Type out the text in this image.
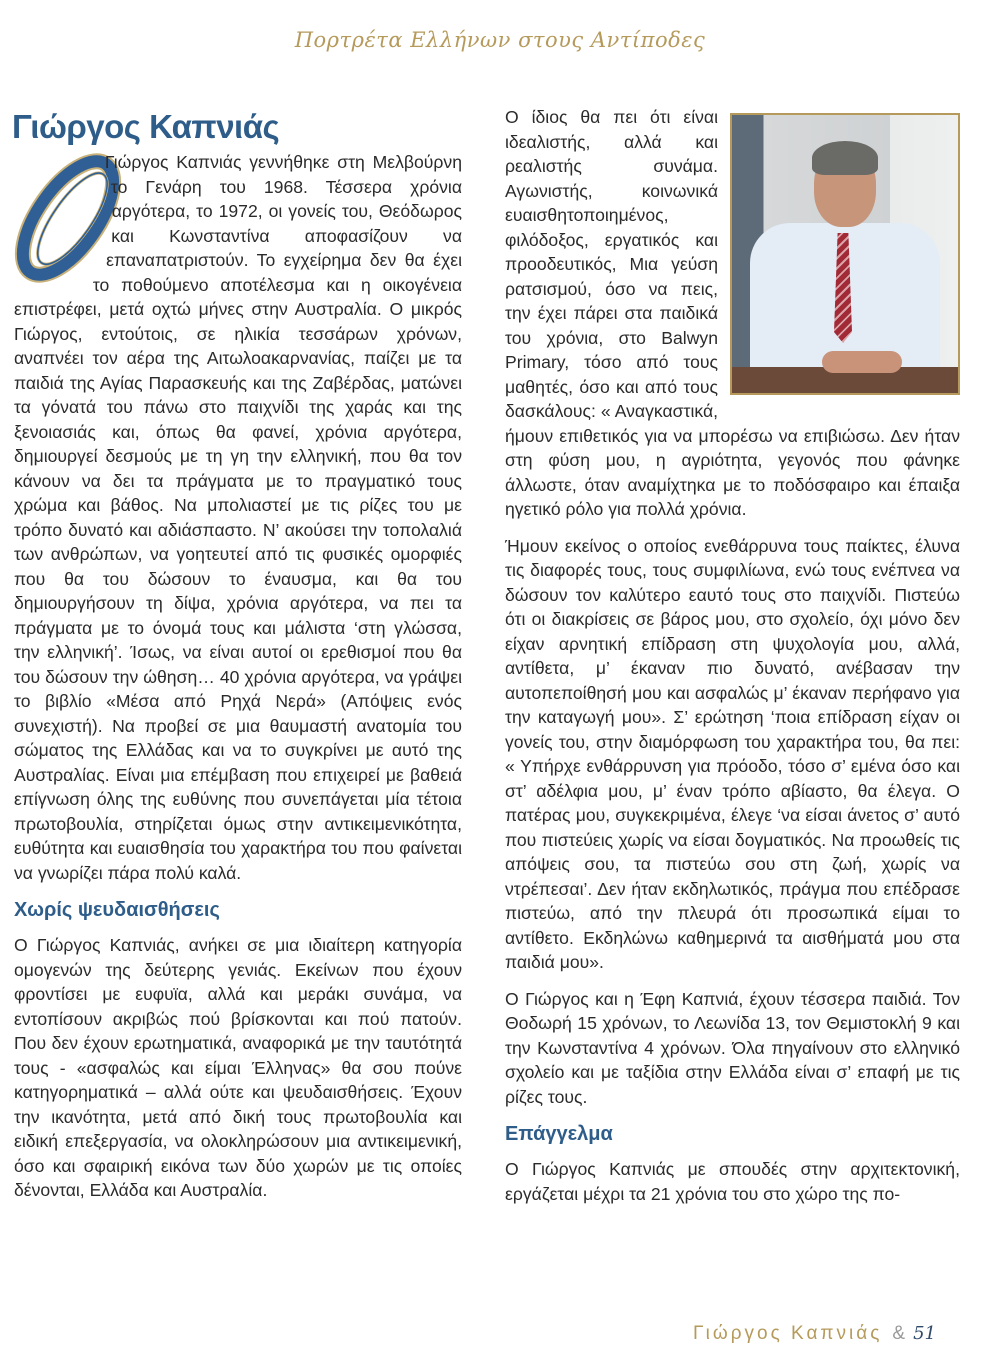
Πορτρέτα Ελλήνων στους Αντίποδες
Γιώργος Καπνιάς

Γιώργος Καπνιάς γεννήθηκε στη Μελβούρνη το Γενάρη του 1968. Τέσσερα χρόνια αργότερα, το 1972, οι γονείς του, Θεόδωρος και Κωνσταντίνα αποφασίζουν να επαναπατριστούν. Το εγχείρημα δεν θα έχει το ποθούμενο αποτέλεσμα και η οικογένεια επιστρέφει, μετά οχτώ μήνες στην Αυστραλία. Ο μικρός Γιώργος, εντούτοις, σε ηλικία τεσσάρων χρόνων, αναπνέει τον αέρα της Αιτωλοακαρνανίας, παίζει με τα παιδιά της Αγίας Παρασκευής και της Ζαβέρδας, ματώνει τα γόνατά του πάνω στο παιχνίδι της χαράς και της ξενοιασιάς και, όπως θα φανεί, χρόνια αργότερα, δημιουργεί δεσμούς με τη γη την ελληνική, που θα τον κάνουν να δει τα πράγματα με το πραγματικό τους χρώμα και βάθος. Να μπολιαστεί με τις ρίζες του με τρόπο δυνατό και αδιάσπαστο. Ν’ ακούσει την τοπολαλιά των ανθρώπων, να γοητευτεί από τις φυσικές ομορφιές που θα του δώσουν το έναυσμα, και θα του δημιουργήσουν τη δίψα, χρόνια αργότερα, να πει τα πράγματα με το όνομά τους και μάλιστα ‘στη γλώσσα, την ελληνική’. Ίσως, να είναι αυτοί οι ερεθισμοί που θα του δώσουν την ώθηση… 40 χρόνια αργότερα, να γράψει το βιβλίο «Μέσα από Ρηχά Νερά» (Απόψεις ενός συνεχιστή). Να προβεί σε μια θαυμαστή ανατομία του σώματος της Ελλάδας και να το συγκρίνει με αυτό της Αυστραλίας. Είναι μια επέμβαση που επιχειρεί με βαθειά επίγνωση όλης της ευθύνης που συνεπάγεται μία τέτοια πρωτοβουλία, στηρίζεται όμως στην αντικειμενικότητα, ευθύτητα και ευαισθησία του χαρακτήρα του που φαίνεται να γνωρίζει πάρα πολύ καλά.

Χωρίς ψευδαισθήσεις

Ο Γιώργος Καπνιάς, ανήκει σε μια ιδιαίτερη κατηγορία ομογενών της δεύτερης γενιάς. Εκείνων που έχουν φροντίσει με ευφυϊα, αλλά και μεράκι συνάμα, να εντοπίσουν ακριβώς πού βρίσκονται και πού πατούν. Που δεν έχουν ερωτηματικά, αναφορικά με την ταυτότητά τους - «ασφαλώς και είμαι Έλληνας» θα σου πούνε κατηγορηματικά – αλλά ούτε και ψευδαισθήσεις. Έχουν την ικανότητα, μετά από δική τους πρωτοβουλία και ειδική επεξεργασία, να ολοκληρώσουν μια αντικειμενική, όσο και σφαιρική εικόνα των δύο χωρών με τις οποίες δένονται, Ελλάδα και Αυστραλία.

Ο ίδιος θα πει ότι είναι ιδεαλιστής, αλλά και ρεαλιστής συνάμα. Αγωνιστής, κοινωνικά ευαισθητοποιημένος, φιλόδοξος, εργατικός και προοδευτικός, Μια γεύση ρατσισμού, όσο να πεις, την έχει πάρει στα παιδικά του χρόνια, στο Balwyn Primary, τόσο από τους μαθητές, όσο και από τους δασκάλους: « Αναγκαστικά, ήμουν επιθετικός για να μπορέσω να επιβιώσω. Δεν ήταν στη φύση μου, η αγριότητα, γεγονός που φάνηκε άλλωστε, όταν αναμίχτηκα με το ποδόσφαιρο και έπαιξα ηγετικό ρόλο για πολλά χρόνια.

Ήμουν εκείνος ο οποίος ενεθάρρυνα τους παίκτες, έλυνα τις διαφορές τους, τους συμφιλίωνα, ενώ τους ενέπνεα να δώσουν τον καλύτερο εαυτό τους στο παιχνίδι. Πιστεύω ότι οι διακρίσεις σε βάρος μου, στο σχολείο, όχι μόνο δεν είχαν αρνητική επίδραση στη ψυχολογία μου, αλλά, αντίθετα, μ’ έκαναν πιο δυνατό, ανέβασαν την αυτοπεποίθησή μου και ασφαλώς μ’ έκαναν περήφανο για την καταγωγή μου». Σ’ ερώτηση ‘ποια επίδραση είχαν οι γονείς του, στην διαμόρφωση του χαρακτήρα του, θα πει: « Υπήρχε ενθάρρυνση για πρόοδο, τόσο σ’ εμένα όσο και στ’ αδέλφια μου, μ’ έναν τρόπο αβίαστο, θα έλεγα. Ο πατέρας μου, συγκεκριμένα, έλεγε ‘να είσαι άνετος σ’ αυτό που πιστεύεις χωρίς να είσαι δογματικός. Να προωθείς τις απόψεις σου, τα πιστεύω σου στη ζωή, χωρίς να ντρέπεσαι’. Δεν ήταν εκδηλωτικός, πράγμα που επέδρασε πιστεύω, από την πλευρά ότι προσωπικά είμαι το αντίθετο. Εκδηλώνω καθημερινά τα αισθήματά μου στα παιδιά μου».

Ο Γιώργος και η Έφη Καπνιά, έχουν τέσσερα παιδιά. Τον Θοδωρή 15 χρόνων, το Λεωνίδα 13, τον Θεμιστοκλή 9 και την Κωνσταντίνα 4 χρόνων. Όλα πηγαίνουν στο ελληνικό σχολείο και με ταξίδια στην Ελλάδα είναι σ’ επαφή με τις ρίζες τους.

Επάγγελμα

Ο Γιώργος Καπνιάς με σπουδές στην αρχιτεκτονική, εργάζεται μέχρι τα 21 χρόνια του στο χώρο της πο-

Γιώργος Καπνιάς & 51
